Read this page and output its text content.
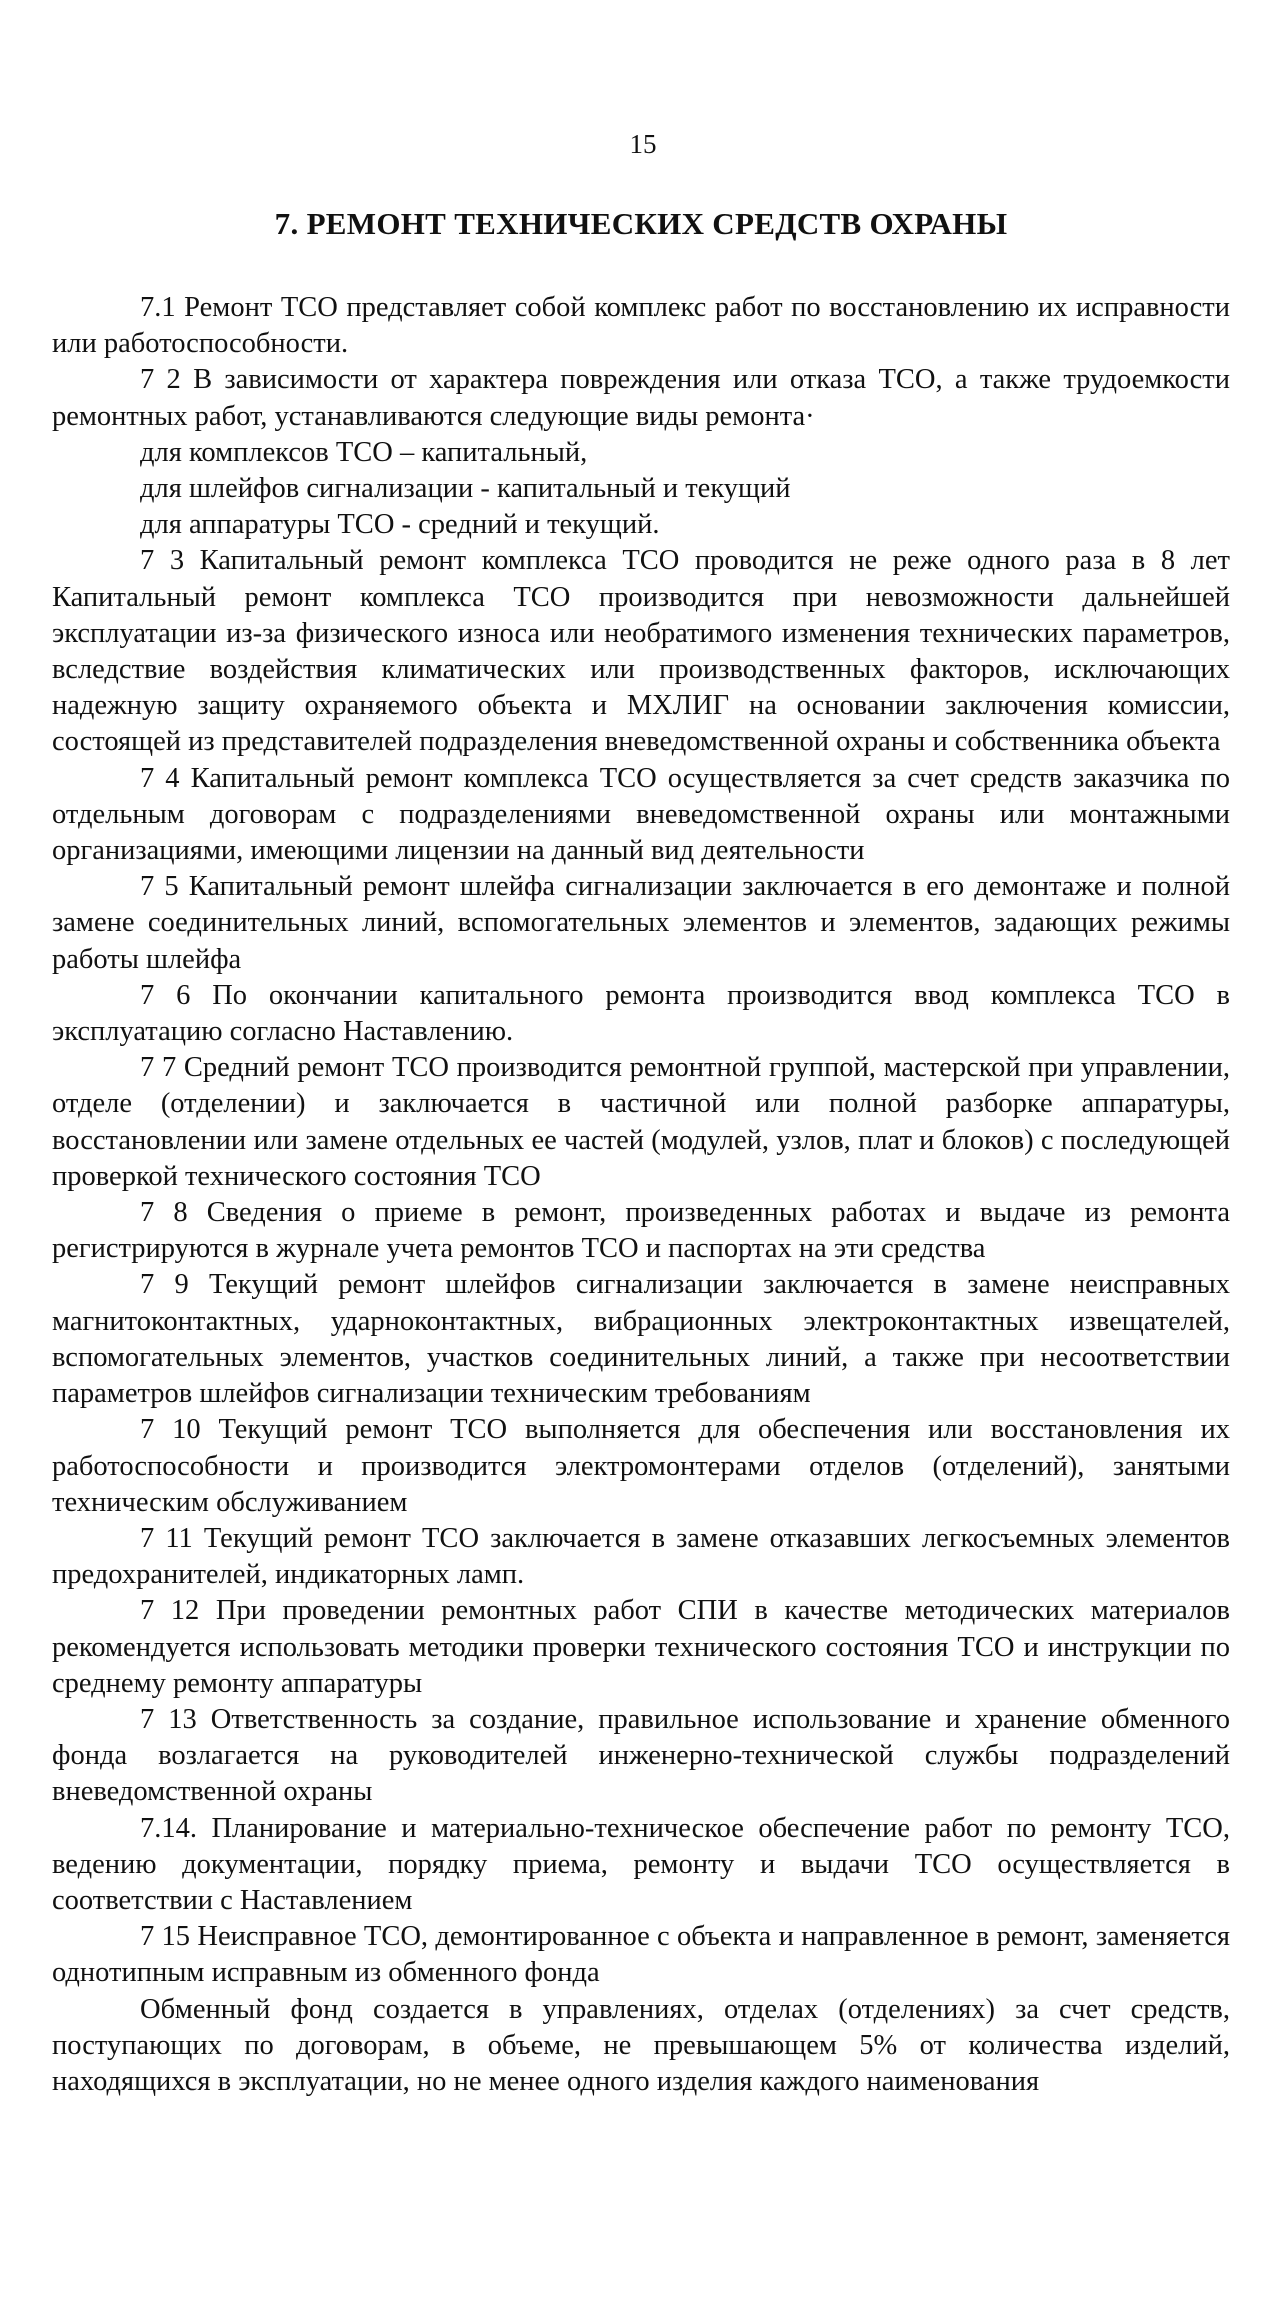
15
7. РЕМОНТ ТЕХНИЧЕСКИХ СРЕДСТВ ОХРАНЫ

7.1 Ремонт ТСО представляет собой комплекс работ по восстановлению их исправности или работоспособности.

7 2 В зависимости от характера повреждения или отказа ТСО, а также трудоемкости ремонтных работ, устанавливаются следующие виды ремонта·

для комплексов ТСО – капитальный,

для шлейфов сигнализации - капитальный и текущий

для аппаратуры ТСО - средний и текущий.

7 3 Капитальный ремонт комплекса ТСО проводится не реже одного раза в 8 лет Капитальный ремонт комплекса ТСО производится при невозможности дальнейшей эксплуатации из-за физического износа или необратимого изменения технических параметров, вследствие воздействия климатических или производственных факторов, исключающих надежную защиту охраняемого объекта и МХЛИГ на основании заключения комиссии, состоящей из представителей подразделения вневедомственной охраны и собственника объекта

7 4 Капитальный ремонт комплекса ТСО осуществляется за счет средств заказчика по отдельным договорам с подразделениями вневедомственной охраны или монтажными организациями, имеющими лицензии на данный вид деятельности

7 5 Капитальный ремонт шлейфа сигнализации заключается в его демонтаже и полной замене соединительных линий, вспомогательных элементов и элементов, задающих режимы работы шлейфа

7 6 По окончании капитального ремонта производится ввод комплекса ТСО в эксплуатацию согласно Наставлению.

7 7 Средний ремонт ТСО производится ремонтной группой, мастерской при управлении, отделе (отделении) и заключается в частичной или полной разборке аппаратуры, восстановлении или замене отдельных ее частей (модулей, узлов, плат и блоков) с последующей проверкой технического состояния ТСО

7 8 Сведения о приеме в ремонт, произведенных работах и выдаче из ремонта регистрируются в журнале учета ремонтов ТСО и паспортах на эти средства

7 9 Текущий ремонт шлейфов сигнализации заключается в замене неисправных магнитоконтактных, ударноконтактных, вибрационных электроконтактных извещателей, вспомогательных элементов, участков соединительных линий, а также при несоответствии параметров шлейфов сигнализации техническим требованиям

7 10 Текущий ремонт ТСО выполняется для обеспечения или восстановления их работоспособности и производится электромонтерами отделов (отделений), занятыми техническим обслуживанием

7 11 Текущий ремонт ТСО заключается в замене отказавших легкосъемных элементов предохранителей, индикаторных ламп.

7 12 При проведении ремонтных работ СПИ в качестве методических материалов рекомендуется использовать методики проверки технического состояния ТСО и инструкции по среднему ремонту аппаратуры

7 13 Ответственность за создание, правильное использование и хранение обменного фонда возлагается на руководителей инженерно-технической службы подразделений вневедомственной охраны

7.14. Планирование и материально-техническое обеспечение работ по ремонту ТСО, ведению документации, порядку приема, ремонту и выдачи ТСО осуществляется в соответствии с Наставлением

7 15 Неисправное ТСО, демонтированное с объекта и направленное в ремонт, заменяется однотипным исправным из обменного фонда

Обменный фонд создается в управлениях, отделах (отделениях) за счет средств, поступающих по договорам, в объеме, не превышающем 5% от количества изделий, находящихся в эксплуатации, но не менее одного изделия каждого наименования
